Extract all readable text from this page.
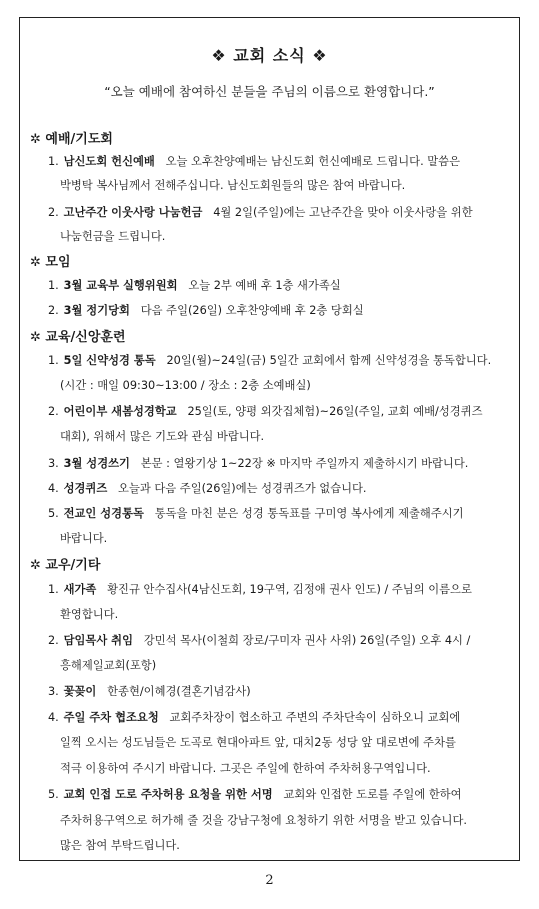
❖ 교회 소식 ❖
“오늘 예배에 참여하신 분들을 주님의 이름으로 환영합니다.”
✲ 예배/기도회
1. 남신도회 헌신예배 오늘 오후찬양예배는 남신도회 헌신예배로 드립니다. 말씀은
박병탁 복사님께서 전해주십니다. 남신도회원들의 많은 참여 바랍니다.
2. 고난주간 이웃사랑 나눔헌금 4월 2일(주일)에는 고난주간을 맞아 이웃사랑을 위한
나눔헌금을 드립니다.
✲ 모임
1. 3월 교육부 실행위원회 오늘 2부 예배 후 1층 새가족실
2. 3월 정기당회 다음 주일(26일) 오후찬양예배 후 2층 당회실
✲ 교육/신앙훈련
1. 5일 신약성경 통독 20일(월)~24일(금) 5일간 교회에서 함께 신약성경을 통독합니다.
(시간 : 매일 09:30~13:00 / 장소 : 2층 소예배실)
2. 어린이부 새봄성경학교 25일(토, 양평 외갓집체험)~26일(주일, 교회 예배/성경퀴즈
대회), 위해서 많은 기도와 관심 바랍니다.
3. 3월 성경쓰기 본문 : 열왕기상 1~22장 ※ 마지막 주일까지 제출하시기 바랍니다.
4. 성경퀴즈 오늘과 다음 주일(26일)에는 성경퀴즈가 없습니다.
5. 전교인 성경통독 통독을 마친 분은 성경 통독표를 구미영 복사에게 제출해주시기
바랍니다.
✲ 교우/기타
1. 새가족 황진규 안수집사(4남신도회, 19구역, 김정애 권사 인도) / 주님의 이름으로
환영합니다.
2. 담임목사 취임 강민석 목사(이철희 장로/구미자 권사 사위) 26일(주일) 오후 4시 /
흥해제일교회(포항)
3. 꽃꽂이 한종현/이혜경(결혼기념감사)
4. 주일 주차 협조요청 교회주차장이 협소하고 주변의 주차단속이 심하오니 교회에
일찍 오시는 성도님들은 도곡로 현대아파트 앞, 대치2동 성당 앞 대로변에 주차를
적극 이용하여 주시기 바랍니다. 그곳은 주일에 한하여 주차허용구역입니다.
5. 교회 인접 도로 주차허용 요청을 위한 서명 교회와 인접한 도로를 주일에 한하여
주차허용구역으로 허가해 줄 것을 강남구청에 요청하기 위한 서명을 받고 있습니다.
많은 참여 부탁드립니다.
2
